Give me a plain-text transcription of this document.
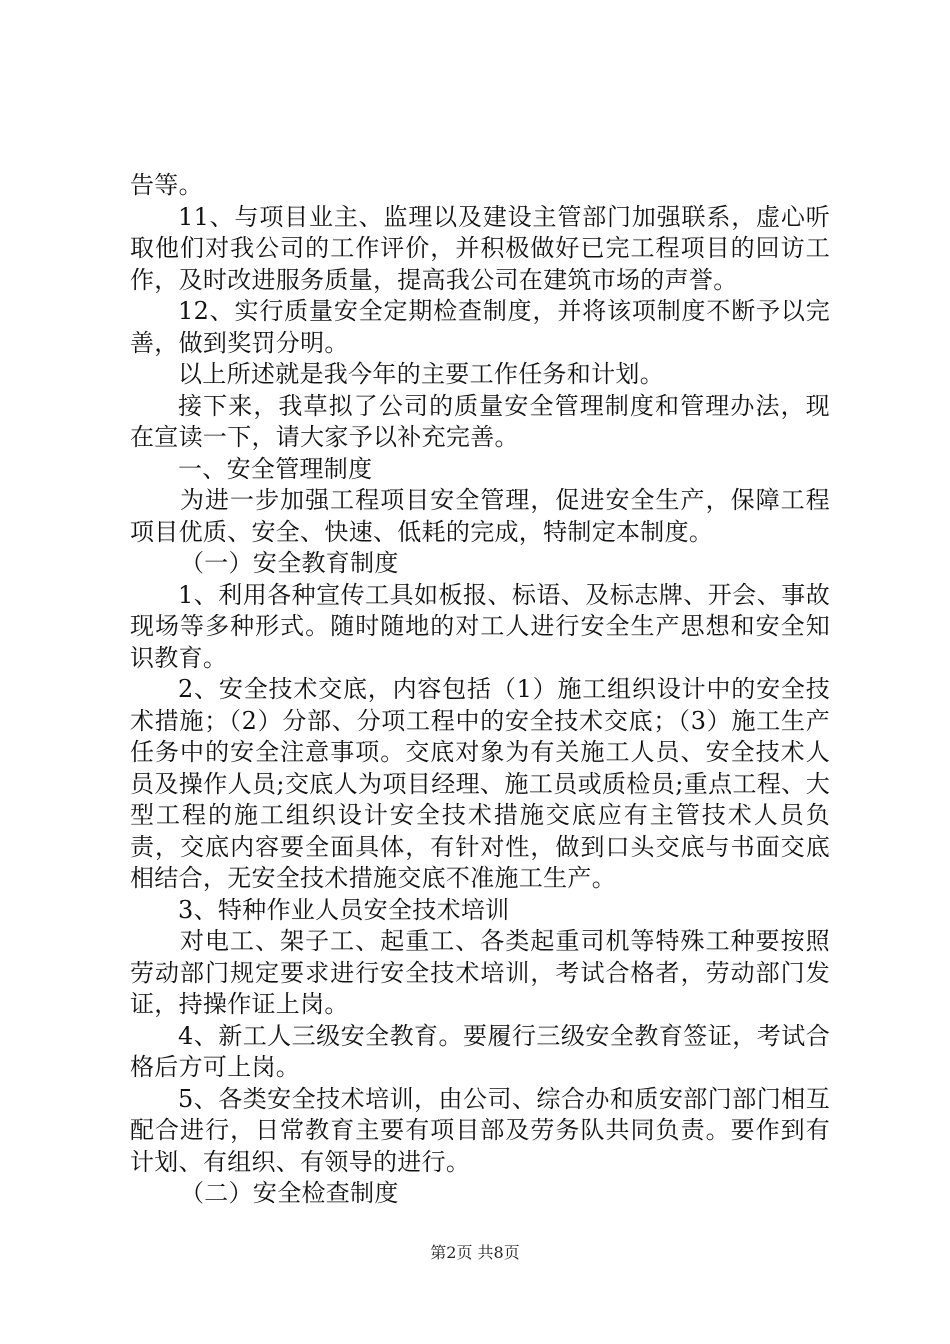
告等。

11、与项目业主、监理以及建设主管部门加强联系，虚心听取他们对我公司的工作评价，并积极做好已完工程项目的回访工作，及时改进服务质量，提高我公司在建筑市场的声誉。

12、实行质量安全定期检查制度，并将该项制度不断予以完善，做到奖罚分明。

以上所述就是我今年的主要工作任务和计划。

接下来，我草拟了公司的质量安全管理制度和管理办法，现在宣读一下，请大家予以补充完善。

一、安全管理制度

为进一步加强工程项目安全管理，促进安全生产，保障工程项目优质、安全、快速、低耗的完成，特制定本制度。

（一）安全教育制度

1、利用各种宣传工具如板报、标语、及标志牌、开会、事故现场等多种形式。随时随地的对工人进行安全生产思想和安全知识教育。

2、安全技术交底，内容包括（1）施工组织设计中的安全技术措施；（2）分部、分项工程中的安全技术交底；（3）施工生产任务中的安全注意事项。交底对象为有关施工人员、安全技术人员及操作人员;交底人为项目经理、施工员或质检员;重点工程、大型工程的施工组织设计安全技术措施交底应有主管技术人员负责，交底内容要全面具体，有针对性，做到口头交底与书面交底相结合，无安全技术措施交底不准施工生产。

3、特种作业人员安全技术培训

对电工、架子工、起重工、各类起重司机等特殊工种要按照劳动部门规定要求进行安全技术培训，考试合格者，劳动部门发证，持操作证上岗。

4、新工人三级安全教育。要履行三级安全教育签证，考试合格后方可上岗。

5、各类安全技术培训，由公司、综合办和质安部门部门相互配合进行，日常教育主要有项目部及劳务队共同负责。要作到有计划、有组织、有领导的进行。

（二）安全检查制度

第2页 共8页
